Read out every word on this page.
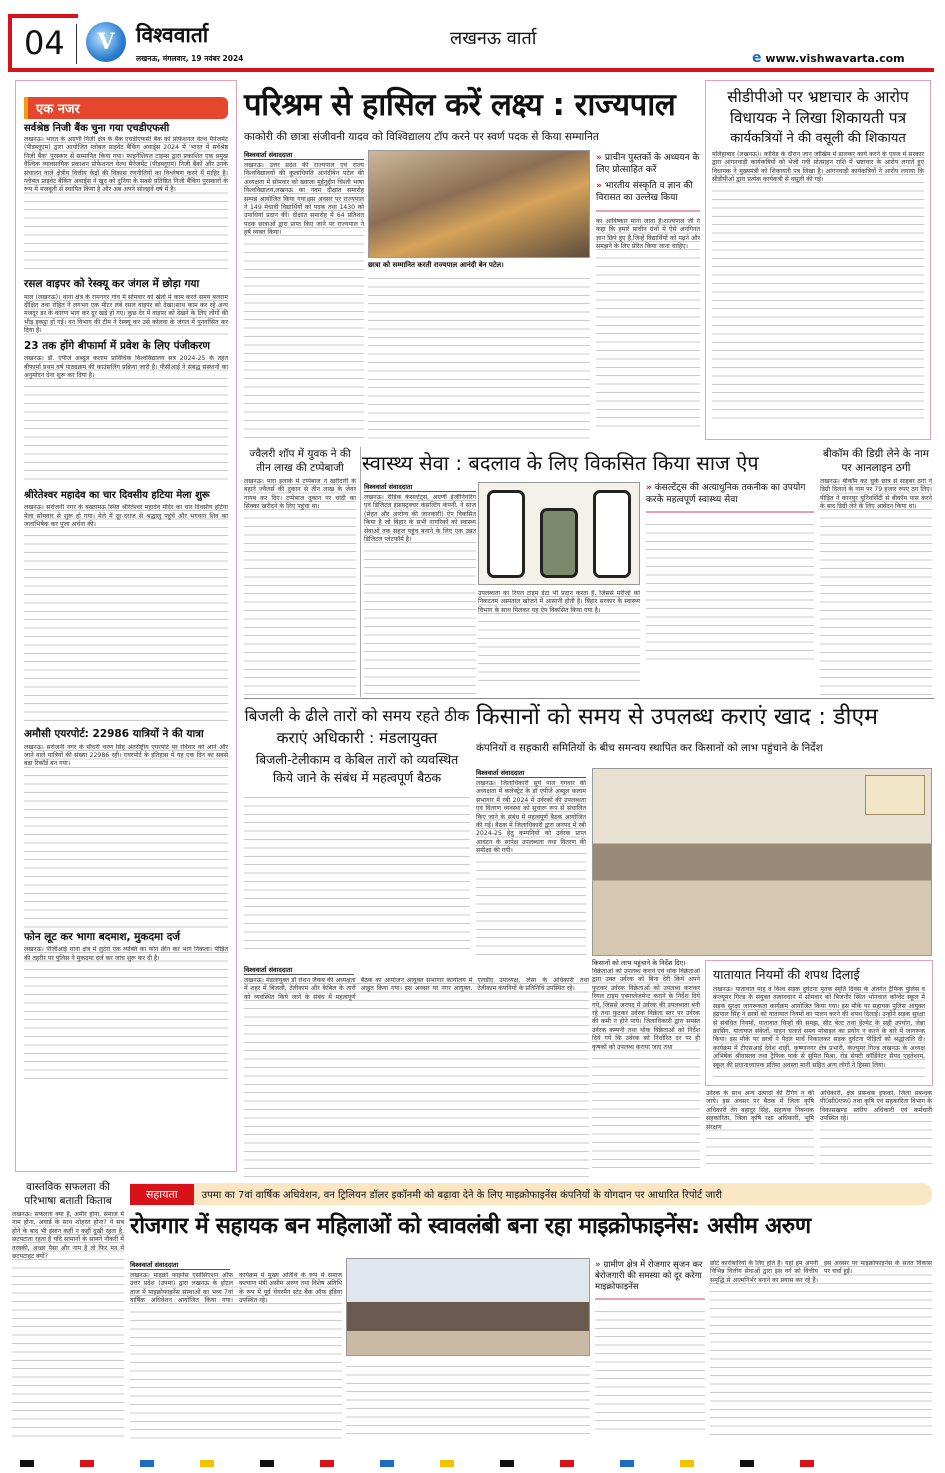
04	V	विश्ववार्ता
लखनऊ, मंगलवार, 19 नवंबर 2024
लखनऊ वार्ता
e www.vishwavarta.com
एक नजर
सर्वश्रेष्ठ निजी बैंक चुना गया एचडीएफसी
लखनऊ। भारत के अग्रणी निजी क्षेत्र के बैंक एचडीएफसी बैंक को प्रोफेशनल वेल्थ मैनेजमेंट (पीडब्लूएम) द्वारा आयोजित ग्लोबल प्राइवेट बैंकिंग अवार्ड्स 2024 में 'भारत में सर्वश्रेष्ठ निजी बैंक' पुरस्कार से सम्मानित किया गया। फाइनेंशियल टाइम्स द्वारा प्रकाशित एक प्रमुख वैश्विक व्यावसायिक प्रकाशन प्रोफेशनल वेल्थ मैनेजमेंट (पीडब्लूएम) निजी बैंकों और उनके संचालन वाले क्षेत्रीय वित्तीय केंद्रों की विकास रणनीतियों का विश्लेषण करने में माहिर है। ग्लोबल प्राइवेट बैंकिंग अवार्ड्स ने खुद को दुनिया के सबसे प्रतिष्ठित निजी बैंकिंग पुरस्कारों के रूप में मजबूती से स्थापित किया है और अब अपने सोलहवें वर्ष में है।
रसल वाइपर को रेस्क्यू कर जंगल में छोड़ा गया
माल (लखनऊ)। थाना क्षेत्र के रामनगर गांव में सोमवार को खेतों में काम करते समय बलराम दीक्षित तथा रोहित ने लगभग एक मीटर लंबे रसल वाइपर को देखा।साथ काम कर रहे अन्य मजदूर डर के कारण भाग कर दूर खड़े हो गए। कुछ देर में वाइपर को देखने के लिए लोगों की भीड़ इकट्ठा हो गई। वन विभाग की टीम ने रेस्क्यू कर उसे कोलवा के जंगल में पुनर्वासित कर दिया है।
23 तक होंगे बीफार्मा में प्रवेश के लिए पंजीकरण
लखनऊ। डॉ. एपीजे अब्दुल कलाम प्राविधिक विश्वविद्यालय सत्र 2024-25 के तहत बीफार्मा प्रथम वर्ष पाठ्यक्रम की काउंसलिंग प्रक्रिया जारी है। पीसीआई ने संबद्ध संस्थानों का अनुमोदन देना शुरू कर दिया है।
श्रीरेतेश्वर महादेव का चार दिवसीय हटिया मेला शुरू
लखनऊ। सरोजनी नगर के बख्तामऊ स्थित श्रीरेतेश्वर महादेव मंदिर का चार दिवसीय हटिया मेला सोमवार से शुरू हो गया। मेले में दूर-दराज से श्रद्धालु पहुंचे और भगवान शिव का जलाभिषेक कर पूजा अर्चना की।
अमौसी एयरपोर्ट: 22986 यात्रियों ने की यात्रा
लखनऊ। सरोजनी नगर के चौधरी चरण सिंह अंतर्राष्ट्रीय एयरपोर्ट पर रविवार को आने और जाने वाले यात्रियों की संख्या 22986 रही। एयरपोर्ट के इतिहास में यह एक दिन का सबसे बड़ा रिकॉर्ड बन गया।
फोन लूट कर भागा बदमाश, मुकदमा दर्ज
लखनऊ। पीजीआई थाना क्षेत्र में लुटेरा एक व्यक्ति का फोन छीन कर भाग निकला। पीड़ित की तहरीर पर पुलिस ने मुकदमा दर्ज कर जांच शुरू कर दी है।
परिश्रम से हासिल करें लक्ष्य : राज्यपाल
काकोरी की छात्रा संजीवनी यादव को विश्विद्यालय टॉप करने पर स्वर्ण पदक से किया सम्मानित
विश्ववार्ता संवाददाता
लखनऊ। उत्तर प्रदेश की राज्यपाल एवं राज्य विश्वविद्यालयों की कुलाधिपति आनंदीबेन पटेल की अध्यक्षता में सोमवार को ख्वाजा मुईनुद्दीन चिश्ती भाषा विश्वविद्यालय,लखनऊ का नवम दीक्षांत समारोह सम्पन्न आयोजित किया गया।इस अवसर पर राज्यपाल ने 149 मेधावी विद्यार्थियों को पदक तथा 1430 को उपाधियां प्रदान कीं। दीक्षांत समारोह में 64 प्रतिशत पदक छात्राओं द्वारा प्राप्त किए जाने पर राज्यपाल ने हर्ष व्यक्त किया।
छात्रा को सम्मानित करती राज्यपाल आनंदी बेन पटेल।
» प्राचीन पुस्तकों के अध्ययन के लिए प्रोत्साहित करें
» भारतीय संस्कृति व ज्ञान की विरासत का उल्लेख किया
का आविष्कार माना जाता है।राज्यपाल जी ने कहा कि हमारे प्राचीन ग्रंथों में ऐसे अनगिनत ज्ञान छिपे हुए हैं,जिन्हें विद्यार्थियों को पढ़ने और समझने के लिए प्रेरित किया जाना चाहिए।
सीडीपीओ पर भ्रष्टाचार के आरोप
विधायक ने लिखा शिकायती पत्र
कार्यकत्रियों ने की वसूली की शिकायत
मलिहाबाद (लखनऊ)। कोविड के दौरान जान जोखिम में डालकर कार्य करने के एवज में सरकार द्वारा आंगनवाड़ी कार्यकत्रियों को भेजी गयी प्रोत्साहन राशि में भ्रष्टाचार के आरोप लगाते हुए विधायक ने मुख्यमंत्री को शिकायती पत्र लिखा है। आंगनवाड़ी कार्यकत्रियों ने आरोप लगाया कि सीडीपीओ द्वारा प्रत्येक कार्यकत्री से वसूली की गई।
ज्वैलरी शॉप में युवक ने की तीन लाख की टप्पेबाजी
लखनऊ। पारा इलाके में टप्पेबाज ने खरीदारी के बहाने ज्वैलर्स की दुकान से तीन लाख के जेवर गायब कर दिए। टप्पेबाज दुकान पर चांदी का सिक्का खरीदने के लिए पहुंचा था।
स्वास्थ्य सेवा : बदलाव के लिए विकसित किया साज ऐप
विश्ववार्ता संवाददाता
लखनऊ। रीडिक कंसल्टेंट्स, अग्रणी इंजीनियरिंग एवं डिजिटल इंफ्रास्ट्रक्चर कंसल्टिंग कंपनी, ने साज (सेहत और आरोग्य की जानकारी) ऐप विकसित किया है जो बिहार के सभी नागरिकों को स्वास्थ्य सेवाओं तक सहज पहुंच बनाने के लिए एक उन्नत डिजिटल प्लेटफॉर्म है।
उपलब्धता का रियल टाइम डेटा भी प्रदान करता है, जिससे मरीजों को निकटतम अस्पताल खोजने में आसानी होती है। बिहार सरकार के स्वास्थ्य विभाग के साथ मिलकर यह ऐप विकसित किया गया है।
» कंसल्टेंट्स की अत्याधुनिक तकनीक का उपयोग करके महत्वपूर्ण स्वास्थ्य सेवा
बीकॉम की डिग्री लेने के नाम पर आनलाइन ठगी
लखनऊ। बीकॉम कर चुके छात्र से साइबर ठगों ने डिग्री दिलाने के नाम पर 79 हजार रुपए ठग लिए। पीड़ित ने कानपुर यूनिवर्सिटी से बीकॉम पास करने के बाद डिग्री लेने के लिए आवेदन किया था।
बिजली के ढीले तारों को समय रहते ठीक कराएं अधिकारी : मंडलायुक्त
बिजली-टेलीकाम व केबिल तारों को व्यवस्थित किये जाने के संबंध में महत्वपूर्ण बैठक
विश्ववार्ता संवाददाता
लखनऊ। मंडलायुक्त डॉ रोशन जैकब की अध्यक्षता में शहर में बिजली, टेलीकाम और केबिल के तारों को व्यवस्थित किये जाने के संबंध में महत्वपूर्ण बैठक का आयोजन आयुक्त सभागार कार्यालय में आहूत किया गया। इस अवसर पर नगर आयुक्त, एलडीए उपाध्यक्ष, लेसा के अधिकारी तथा टेलीकाम कंपनियों के प्रतिनिधि उपस्थित रहे।
किसानों को समय से उपलब्ध कराएं खाद : डीएम
कंपनियों व सहकारी समितियों के बीच समन्वय स्थापित कर किसानों को लाभ पहुंचाने के निर्देश
विश्ववार्ता संवाददाता
लखनऊ। जिलाधिकारी सूर्य पाल गंगवार की अध्यक्षता में कलेक्ट्रेट के डॉ एपीजे अब्दुल कलाम सभागार में रबी 2024 में उर्वरकों की उपलब्धता एवं वितरण व्यवस्था को सुचारू रूप से संचालित किए जाने के संबंध में महत्वपूर्ण बैठक आयोजित की गई। बैठक में जिलाधिकारी द्वारा जनपद में रबी 2024-25 हेतु कम्पनियों को उर्वरक प्राप्त आवंटन के सापेक्ष उपलब्धता तथा वितरण की समीक्षा की गयी।
किसानों को लाभ पहुंचाने के निर्देश दिए।
विक्रेताओं को उपलब्ध कराने एवं थोक विक्रेताओं द्वारा उक्त उर्वरक को बिना देरी किये अपने फुटकर उर्वरक विक्रेताओं को उपलब्ध कराकर रियल टाइम एक्नालेजमेन्ट कराने के निर्देश दिये गये, जिससे जनपद में उर्वरक की उपलब्धता बनी रहे तथा फुटकर उर्वरक विक्रेता स्तर पर उर्वरक की कमी न होने पाये। जिलाधिकारी द्वारा समस्त उर्वरक कम्पनी तथा थोक विक्रेताओं को निर्देश दिये गये कि उर्वरक को निर्धारित दर पर ही कृषकों को उपलब्ध कराया जाए तथा
उर्वरक के साथ अन्य उत्पादों की टैगिंग न की जाये। इस अवसर पर बैठक में जिला कृषि अधिकारी तेग बहादुर सिंह, सहायक निबन्धक सहकारिता, जिला कृषि रक्षा अधिकारी, भूमि संरक्षण
अधिकारी, क्षेत्र प्रबन्धक इफको, जिला प्रबन्धक पी0सी0एफ0 तथा कृषि एवं सहकारिता विभाग के विकासखण्ड स्तरीय अधिकारी एवं कर्मचारी उपस्थित रहे।
यातायात नियमों की शपथ दिलाई
लखनऊ। यातायात माह व विश्व सड़क दुर्घटना मृतक स्मृति दिवस के अंतर्गत ट्रैफिक पुलिस व कंज्यूमर गिल्ड के संयुक्त तत्वावधान में सोमवार को बिजनौर स्थित भोनवाल कॉन्वेंट स्कूल में सड़क सुरक्षा जागरूकता कार्यक्रम आयोजित किया गया। इस मौके पर सहायक पुलिस आयुक्त इंद्रपाल सिंह ने छात्रों को यातायात नियमों का पालन करने की शपथ दिलाई। उन्होंने सड़क सुरक्षा से संबंधित नियमों, यातायात चिन्हों की समझ, सीट बेल्ट तथा हेल्मेट के सही उपयोग, जेब्रा क्रासिंग, यातायात संकेतों, वाहन चलाते समय मोबाइल का प्रयोग न करने के बारे में जागरूक किया। इस मौके पर छात्रों ने पैदल मार्च निकालकर सड़क दुर्घटना पीड़ितों को श्रद्धांजलि दी। कार्यक्रम में टीएसआई देवेश शाही, कृष्णानगर क्षेत्र प्रभारी, कंज्यूमर गिल्ड लखनऊ के अध्यक्ष अभिषेक श्रीवास्तव तथा ट्रैफिक पार्क से सुमित मिश्रा, रोड सेफ्टी कॉर्डिनेटर सैयद एहतेशाम, स्कूल की प्रधानाध्यापक प्रतिमा अवस्ता मानी सहित अन्य लोगों ने हिस्सा लिया।
वास्तविक सफलता की परिभाषा बताती किताब
लखनऊ। सफलता क्या है, अमीर होना, समाज में नाम होना, अवार्ड के साथ शोहरत होना? ये सब होने के बाद भी इंसान कहीं न कहीं दुखी रहता है, छटपटाता रहता है यदि सामानों के सामने नौकरी में तरक्की, अच्छा पैसा और नाम है तो फिर मन में छटपटाहट क्यों?
सहायता	उपमा का 7वां वार्षिक अधिवेशन, वन ट्रिलियन डॉलर इकॉनमी को बढ़ावा देने के लिए माइक्रोफाइनेंस कंपनियों के योगदान पर आधारित रिपोर्ट जारी
रोजगार में सहायक बन महिलाओं को स्वावलंबी बना रहा माइक्रोफाइनेंस: असीम अरुण
विश्ववार्ता संवाददाता
लखनऊ। माइक्रो फाइनेंस एसोसिएशन ऑफ उत्तर प्रदेश (उपमा) द्वारा लखनऊ के होटल ताज में माइक्रोफाइनेंस संस्थाओं का भव्य 7वां वार्षिक अधिवेशन आयोजित किया गया। कार्यक्रम में मुख्य अतिथि के रूप में समाज कल्याण मंत्री असीम अरुण तथा विशेष अतिथि के रूप में पूर्व चेयरमैन स्टेट बैंक ऑफ इंडिया उपस्थित रहे।
» ग्रामीण क्षेत्र में रोजगार सृजन कर बेरोजगारी की समस्या को दूर करेगा माइक्रोफाइनेंस
छोटे कारोबारियों के लिए होते हैं। यहां हम अपनी विभिन्न वित्तीय सेवाओं द्वारा इस वर्ग को वित्तीय समृद्धि से आत्मनिर्भर बनाने का प्रयास कर रहे हैं। इस अवसर पर माइक्रोफाइनेंस के सतत विकास पर चर्चा हुई।
